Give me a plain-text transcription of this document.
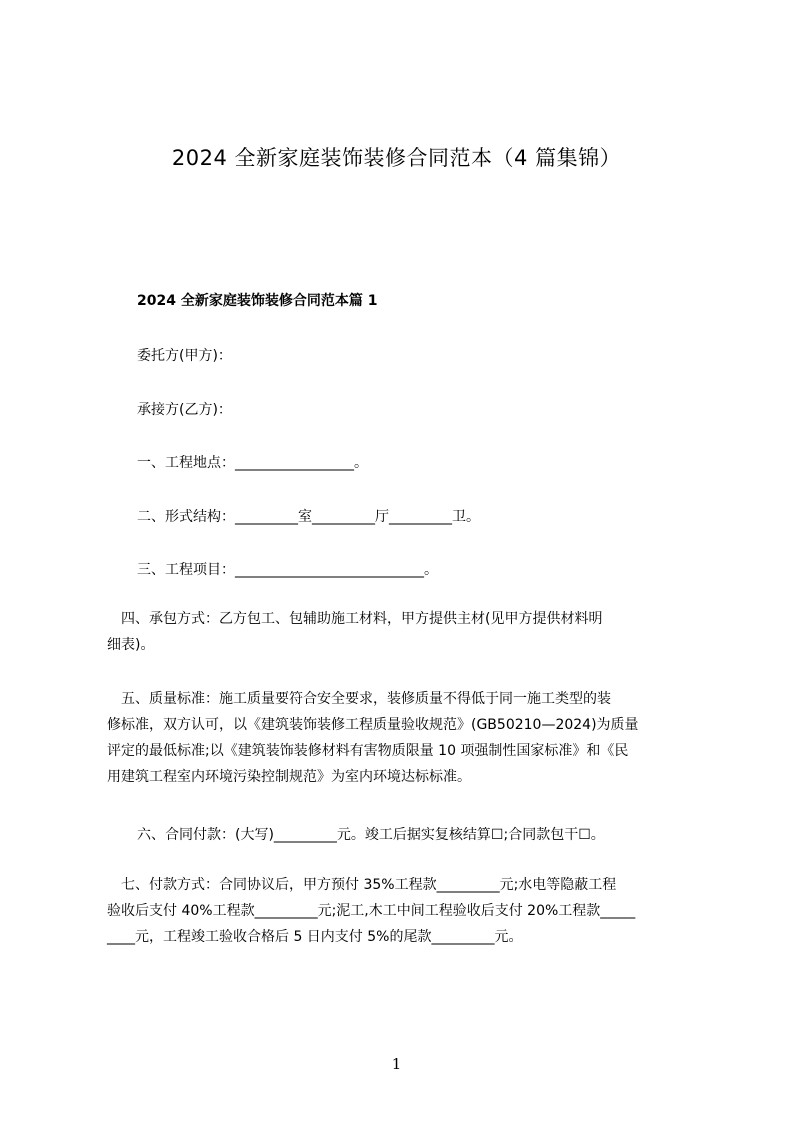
2024 全新家庭装饰装修合同范本（4 篇集锦）
2024 全新家庭装饰装修合同范本篇 1

委托方(甲方)：

承接方(乙方)：

一、工程地点：_________________。

二、形式结构：_________室_________厅_________卫。

三、工程项目：___________________________。

　四、承包方式：乙方包工、包辅助施工材料，甲方提供主材(见甲方提供材料明
细表)。
　五、质量标准：施工质量要符合安全要求，装修质量不得低于同一施工类型的装
修标准，双方认可，以《建筑装饰装修工程质量验收规范》(GB50210—2024)为质量
评定的最低标准;以《建筑装饰装修材料有害物质限量 10 项强制性国家标准》和《民
用建筑工程室内环境污染控制规范》为室内环境达标标准。

六、合同付款：(大写)_________元。竣工后据实复核结算☐;合同款包干☐。

　七、付款方式：合同协议后，甲方预付 35%工程款_________元;水电等隐蔽工程
验收后支付 40%工程款_________元;泥工,木工中间工程验收后支付 20%工程款_____
____元，工程竣工验收合格后 5 日内支付 5%的尾款_________元。

1
